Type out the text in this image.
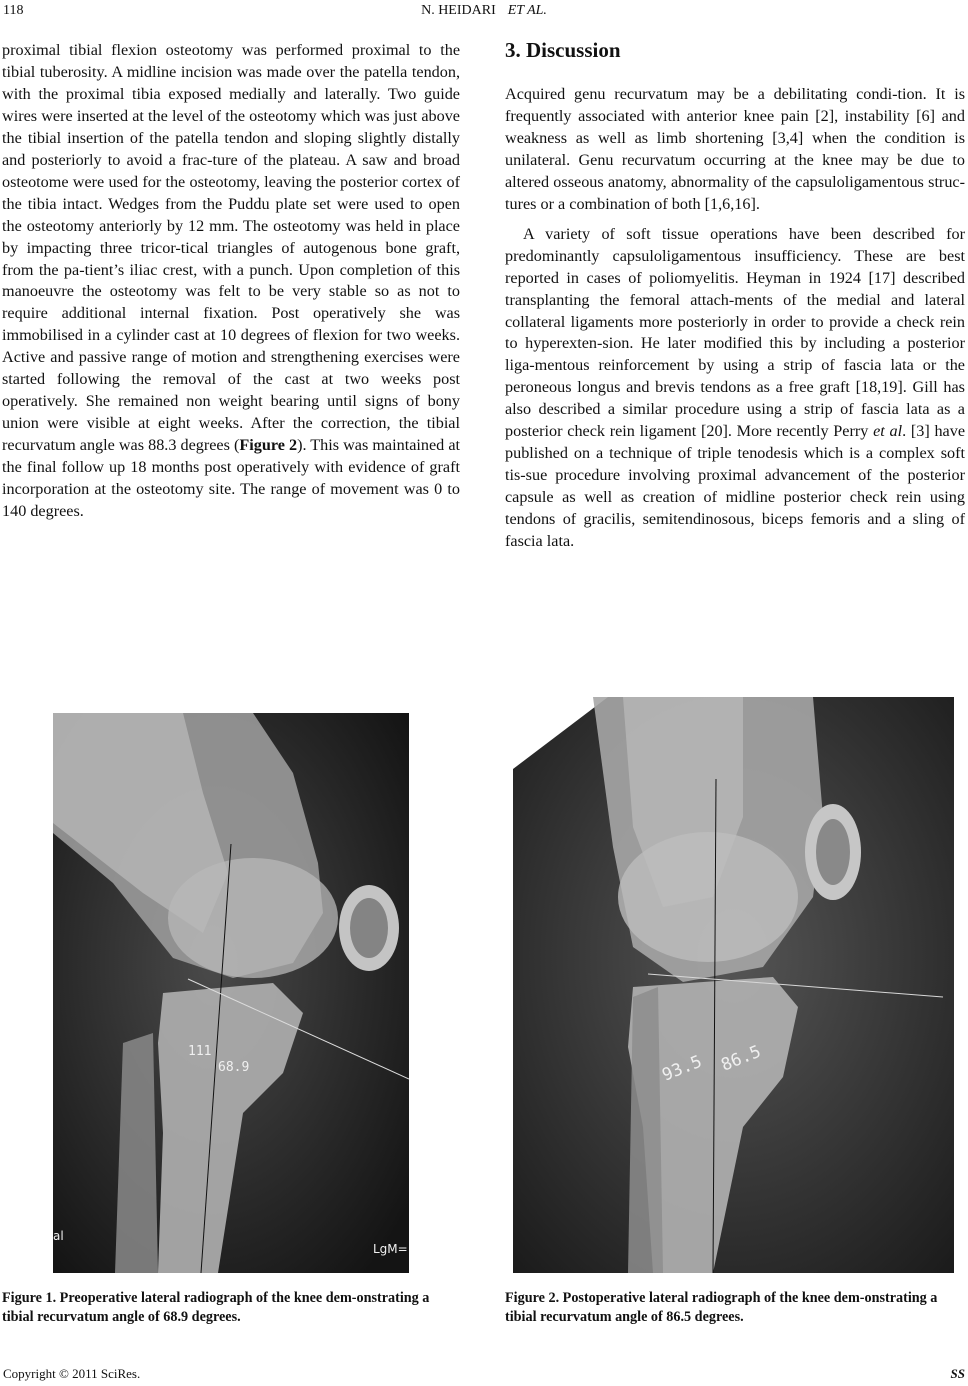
118	N. HEIDARI ET AL.

proximal tibial flexion osteotomy was performed proximal to the tibial tuberosity. A midline incision was made over the patella tendon, with the proximal tibia exposed medially and laterally. Two guide wires were inserted at the level of the osteotomy which was just above the tibial insertion of the patella tendon and sloping slightly distally and posteriorly to avoid a frac-ture of the plateau. A saw and broad osteotome were used for the osteotomy, leaving the posterior cortex of the tibia intact. Wedges from the Puddu plate set were used to open the osteotomy anteriorly by 12 mm. The osteotomy was held in place by impacting three tricor-tical triangles of autogenous bone graft, from the pa-tient’s iliac crest, with a punch. Upon completion of this manoeuvre the osteotomy was felt to be very stable so as not to require additional internal fixation. Post operatively she was immobilised in a cylinder cast at 10 degrees of flexion for two weeks. Active and passive range of motion and strengthening exercises were started following the removal of the cast at two weeks post operatively. She remained non weight bearing until signs of bony union were visible at eight weeks. After the correction, the tibial recurvatum angle was 88.3 degrees (Figure 2). This was maintained at the final follow up 18 months post operatively with evidence of graft incorporation at the osteotomy site. The range of movement was 0 to 140 degrees.

3. Discussion

Acquired genu recurvatum may be a debilitating condi-tion. It is frequently associated with anterior knee pain [2], instability [6] and weakness as well as limb shortening [3,4] when the condition is unilateral. Genu recurvatum occurring at the knee may be due to altered osseous anatomy, abnormality of the capsuloligamentous struc-tures or a combination of both [1,6,16].

A variety of soft tissue operations have been described for predominantly capsuloligamentous insufficiency. These are best reported in cases of poliomyelitis. Heyman in 1924 [17] described transplanting the femoral attach-ments of the medial and lateral collateral ligaments more posteriorly in order to provide a check rein to hyperexten-sion. He later modified this by including a posterior liga-mentous reinforcement by using a strip of fascia lata or the peroneous longus and brevis tendons as a free graft [18,19]. Gill has also described a similar procedure using a strip of fascia lata as a posterior check rein ligament [20]. More recently Perry et al. [3] have published on a technique of triple tenodesis which is a complex soft tis-sue procedure involving proximal advancement of the posterior capsule as well as creation of midline posterior check rein using tendons of gracilis, semitendinosous, biceps femoris and a sling of fascia lata.

111
68.9
al
LgM=
93.5 86.5
Figure 1. Preoperative lateral radiograph of the knee dem-onstrating a tibial recurvatum angle of 68.9 degrees.
Figure 2. Postoperative lateral radiograph of the knee dem-onstrating a tibial recurvatum angle of 86.5 degrees.
Copyright © 2011 SciRes.	SS
